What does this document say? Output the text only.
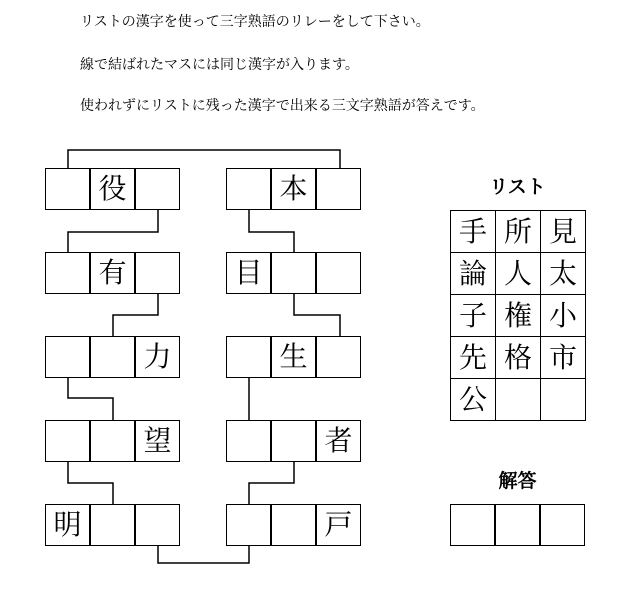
リストの漢字を使って三字熟語のリレーをして下さい。

線で結ばれたマスには同じ漢字が入ります。

使われずにリストに残った漢字で出来る三文字熟語が答えです。

役
有
力
望
明
本
目
生
者
戸
リスト
手 所 見
論 人 太
子 権 小
先 格 市
公
解答
